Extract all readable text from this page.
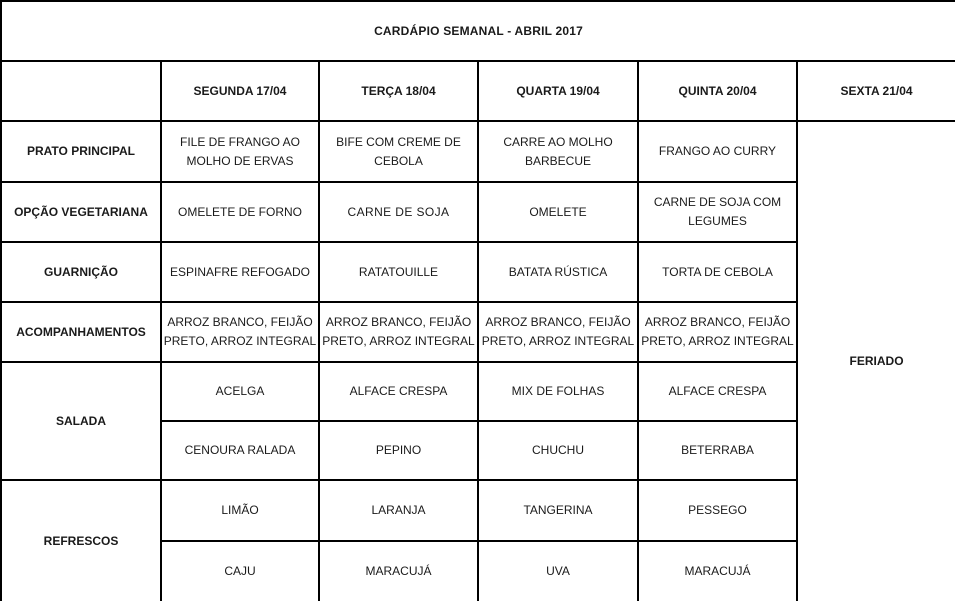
CARDÁPIO SEMANAL - ABRIL 2017					
	SEGUNDA 17/04	TERÇA 18/04	QUARTA 19/04	QUINTA 20/04	SEXTA 21/04
PRATO PRINCIPAL	FILE DE FRANGO AO MOLHO DE ERVAS	BIFE COM CREME DE CEBOLA	CARRE AO MOLHO BARBECUE	FRANGO AO CURRY	FERIADO
OPÇÃO VEGETARIANA	OMELETE DE FORNO	CARNE DE SOJA	OMELETE	CARNE DE SOJA COM LEGUMES	
GUARNIÇÃO	ESPINAFRE REFOGADO	RATATOUILLE	BATATA RÚSTICA	TORTA DE CEBOLA	
ACOMPANHAMENTOS	ARROZ BRANCO, FEIJÃO PRETO, ARROZ INTEGRAL	ARROZ BRANCO, FEIJÃO PRETO, ARROZ INTEGRAL	ARROZ BRANCO, FEIJÃO PRETO, ARROZ INTEGRAL	ARROZ BRANCO, FEIJÃO PRETO, ARROZ INTEGRAL	
SALADA	ACELGA	ALFACE CRESPA	MIX DE FOLHAS	ALFACE CRESPA	
	CENOURA RALADA	PEPINO	CHUCHU	BETERRABA	
REFRESCOS	LIMÃO	LARANJA	TANGERINA	PESSEGO	
	CAJU	MARACUJÁ	UVA	MARACUJÁ	
